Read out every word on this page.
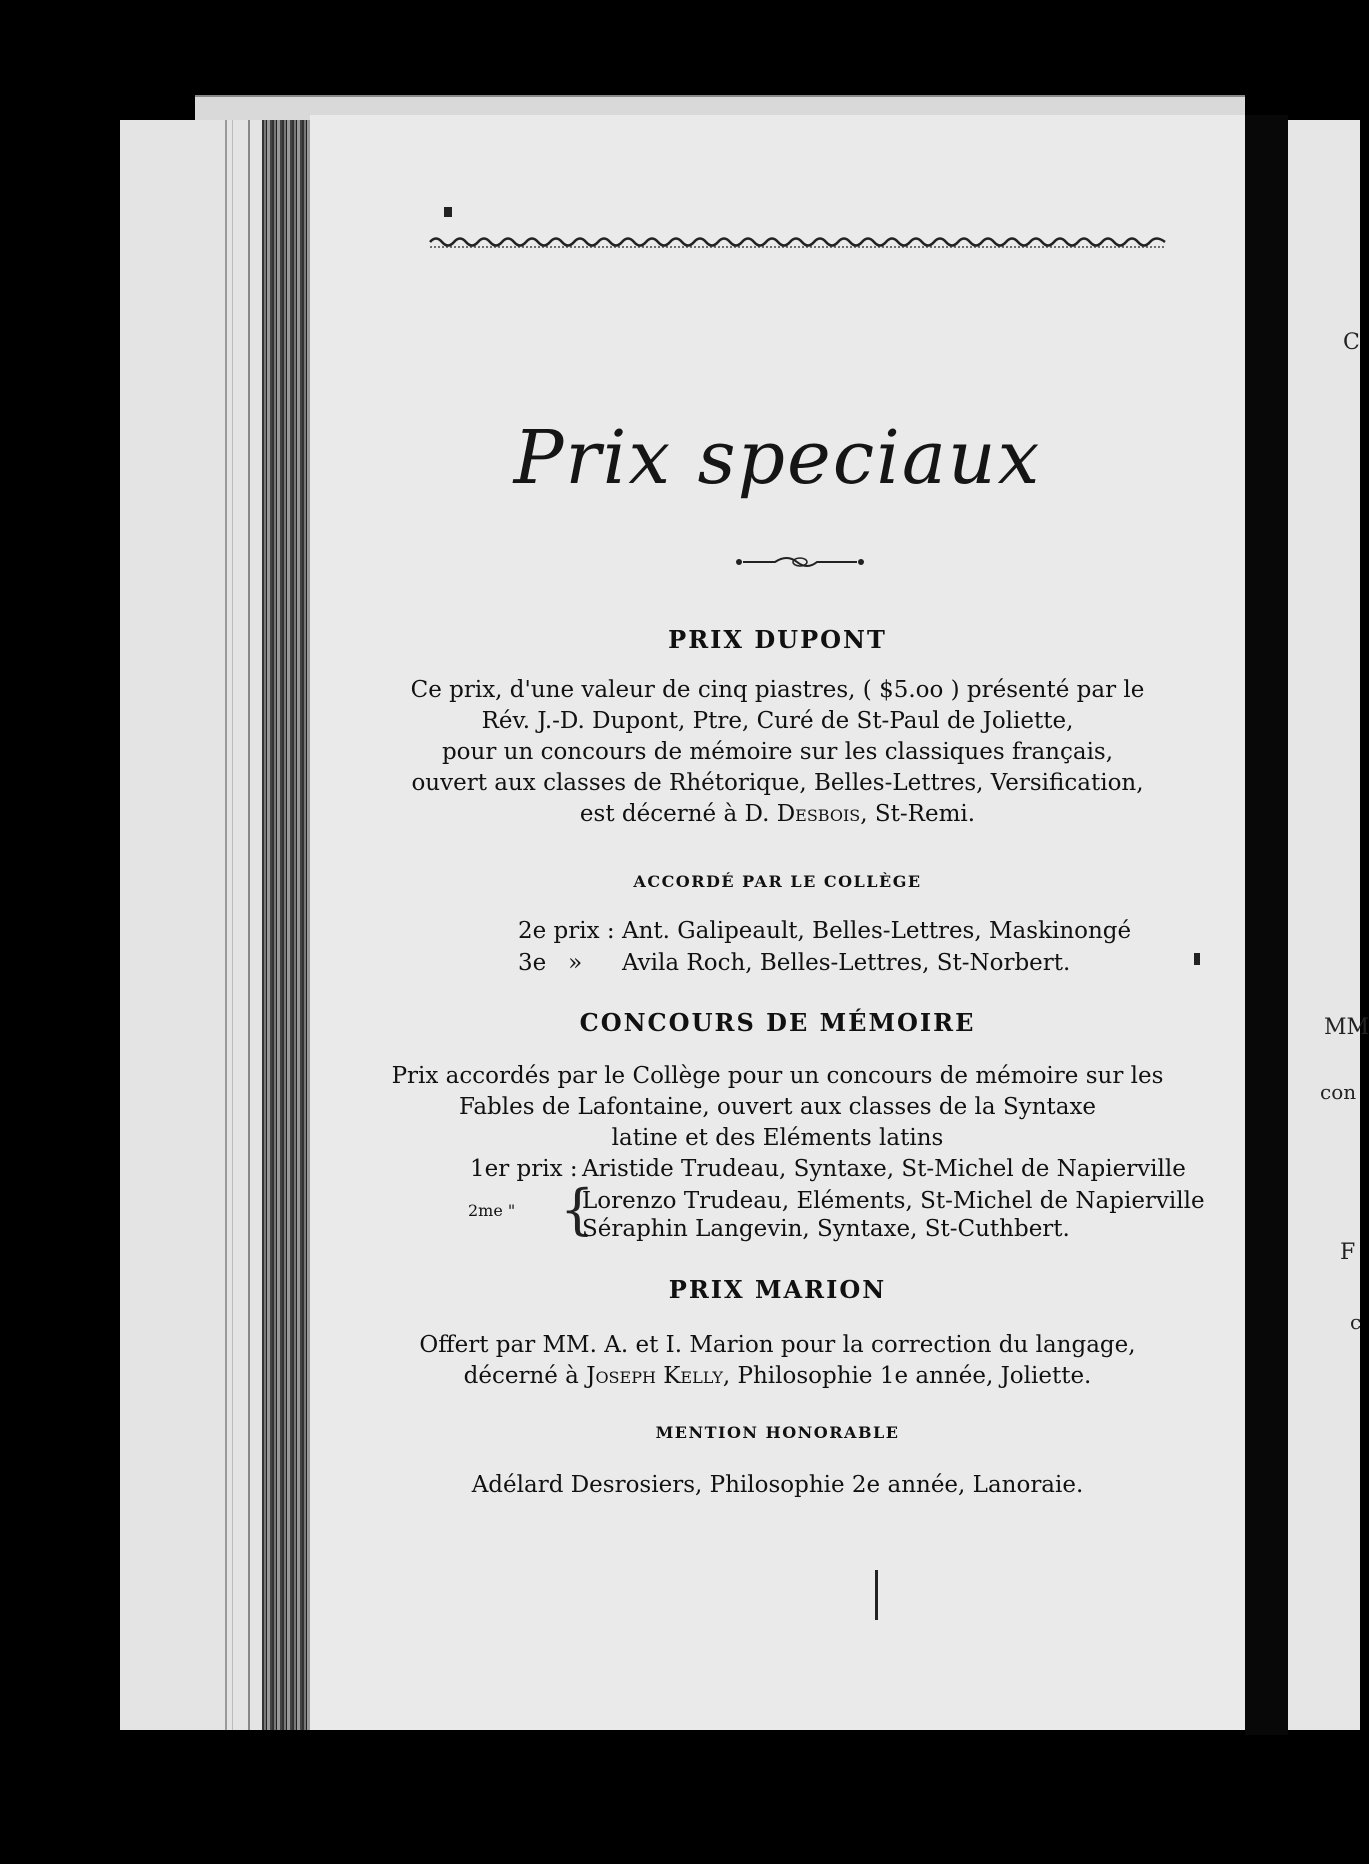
C
MM
con
F
c
Prix speciaux
PRIX DUPONT
Ce prix, d'une valeur de cinq piastres, ( $5.oo ) présenté par le
Rév. J.-D. Dupont, Ptre, Curé de St-Paul de Joliette,
pour un concours de mémoire sur les classiques français,
ouvert aux classes de Rhétorique, Belles-Lettres, Versification,
est décerné à D. Desbois, St-Remi.
ACCORDÉ PAR LE COLLÈGE
2e prix : Ant. Galipeault, Belles-Lettres, Maskinongé
3e   » Avila Roch, Belles-Lettres, St-Norbert.
CONCOURS DE MÉMOIRE
Prix accordés par le Collège pour un concours de mémoire sur les
Fables de Lafontaine, ouvert aux classes de la Syntaxe
latine et des Eléments latins
1er prix : Aristide Trudeau, Syntaxe, St-Michel de Napierville
2me " {
Lorenzo Trudeau, Eléments, St-Michel de Napierville
Séraphin Langevin, Syntaxe, St-Cuthbert.
PRIX MARION
Offert par MM. A. et I. Marion pour la correction du langage,
décerné à Joseph Kelly, Philosophie 1e année, Joliette.
MENTION HONORABLE
Adélard Desrosiers, Philosophie 2e année, Lanoraie.
